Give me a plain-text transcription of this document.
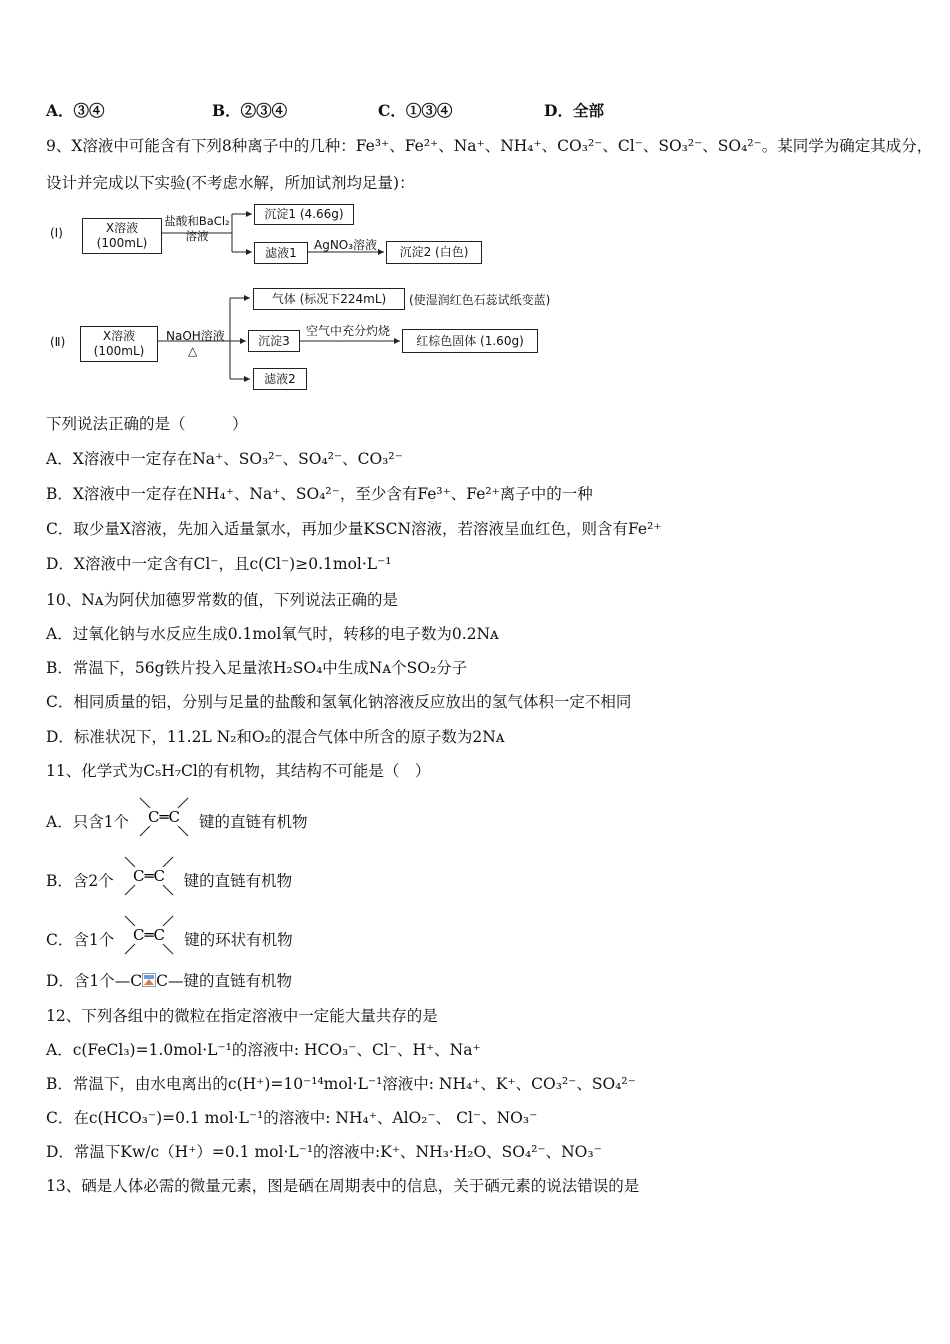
A．③④	B．②③④	C．①③④	D．全部
9、X溶液中可能含有下列8种离子中的几种：Fe³⁺、Fe²⁺、Na⁺、NH₄⁺、CO₃²⁻、Cl⁻、SO₃²⁻、SO₄²⁻。某同学为确定其成分，
设计并完成以下实验(不考虑水解，所加试剂均足量)：
(Ⅰ)	X溶液
(100mL)
盐酸和BaCl₂溶液
沉淀1 (4.66g)
滤液1
AgNO₃溶液	沉淀2 (白色)
(Ⅱ)	X溶液
(100mL)
NaOH溶液
△
气体 (标况下224mL)	(使湿润红色石蕊试纸变蓝)
沉淀3
空气中充分灼烧
红棕色固体 (1.60g)
滤液2
下列说法正确的是（　　　）
A．X溶液中一定存在Na⁺、SO₃²⁻、SO₄²⁻、CO₃²⁻
B．X溶液中一定存在NH₄⁺、Na⁺、SO₄²⁻，至少含有Fe³⁺、Fe²⁺离子中的一种
C．取少量X溶液，先加入适量氯水，再加少量KSCN溶液，若溶液呈血红色，则含有Fe²⁺
D．X溶液中一定含有Cl⁻，且c(Cl⁻)≥0.1mol·L⁻¹
10、Nᴀ为阿伏加德罗常数的值，下列说法正确的是
A．过氧化钠与水反应生成0.1mol氧气时，转移的电子数为0.2Nᴀ
B．常温下，56g铁片投入足量浓H₂SO₄中生成Nᴀ个SO₂分子
C．相同质量的铝，分别与足量的盐酸和氢氧化钠溶液反应放出的氢气体积一定不相同
D．标准状况下，11.2L N₂和O₂的混合气体中所含的原子数为2Nᴀ
11、化学式为C₅H₇Cl的有机物，其结构不可能是（　）
A．只含1个 C═C 键的直链有机物
B．含2个 C═C 键的直链有机物
C．含1个 C═C 键的环状有机物
D．含1个—C C—键的直链有机物
12、下列各组中的微粒在指定溶液中一定能大量共存的是
A．c(FeCl₃)=1.0mol·L⁻¹的溶液中: HCO₃⁻、Cl⁻、H⁺、Na⁺
B．常温下，由水电离出的c(H⁺)=10⁻¹⁴mol·L⁻¹溶液中: NH₄⁺、K⁺、CO₃²⁻、SO₄²⁻
C．在c(HCO₃⁻)=0.1 mol·L⁻¹的溶液中: NH₄⁺、AlO₂⁻、 Cl⁻、NO₃⁻
D．常温下Kw/c（H⁺）=0.1 mol·L⁻¹的溶液中:K⁺、NH₃·H₂O、SO₄²⁻、NO₃⁻
13、硒是人体必需的微量元素，图是硒在周期表中的信息，关于硒元素的说法错误的是
